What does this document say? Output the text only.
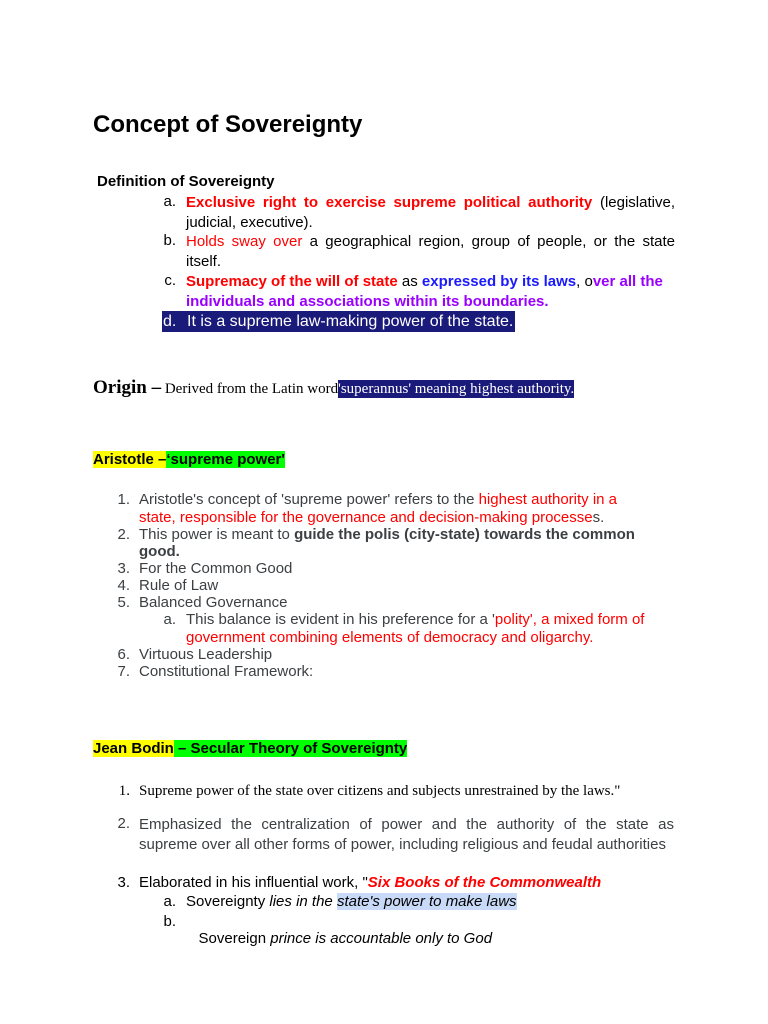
Concept of Sovereignty
Definition of Sovereignty
a. Exclusive right to exercise supreme political authority (legislative, judicial, executive).
b. Holds sway over a geographical region, group of people, or the state itself.
c. Supremacy of the will of state as expressed by its laws, over all the individuals and associations within its boundaries.
d. It is a supreme law-making power of the state.
Origin – Derived from the Latin word'superannus' meaning highest authority.
Aristotle –‘supreme power'
1. Aristotle's concept of 'supreme power' refers to the highest authority in a state, responsible for the governance and decision-making processes.
2. This power is meant to guide the polis (city-state) towards the common good.
3. For the Common Good
4. Rule of Law
5. Balanced Governance
a. This balance is evident in his preference for a 'polity', a mixed form of government combining elements of democracy and oligarchy.
6. Virtuous Leadership
7. Constitutional Framework:
Jean Bodin – Secular Theory of Sovereignty
1. Supreme power of the state over citizens and subjects unrestrained by the laws."
2. Emphasized the centralization of power and the authority of the state as supreme over all other forms of power, including religious and feudal authorities
3. Elaborated in his influential work, "Six Books of the Commonwealth
a. Sovereignty lies in the state's power to make laws
b.

Sovereign prince is accountable only to God
